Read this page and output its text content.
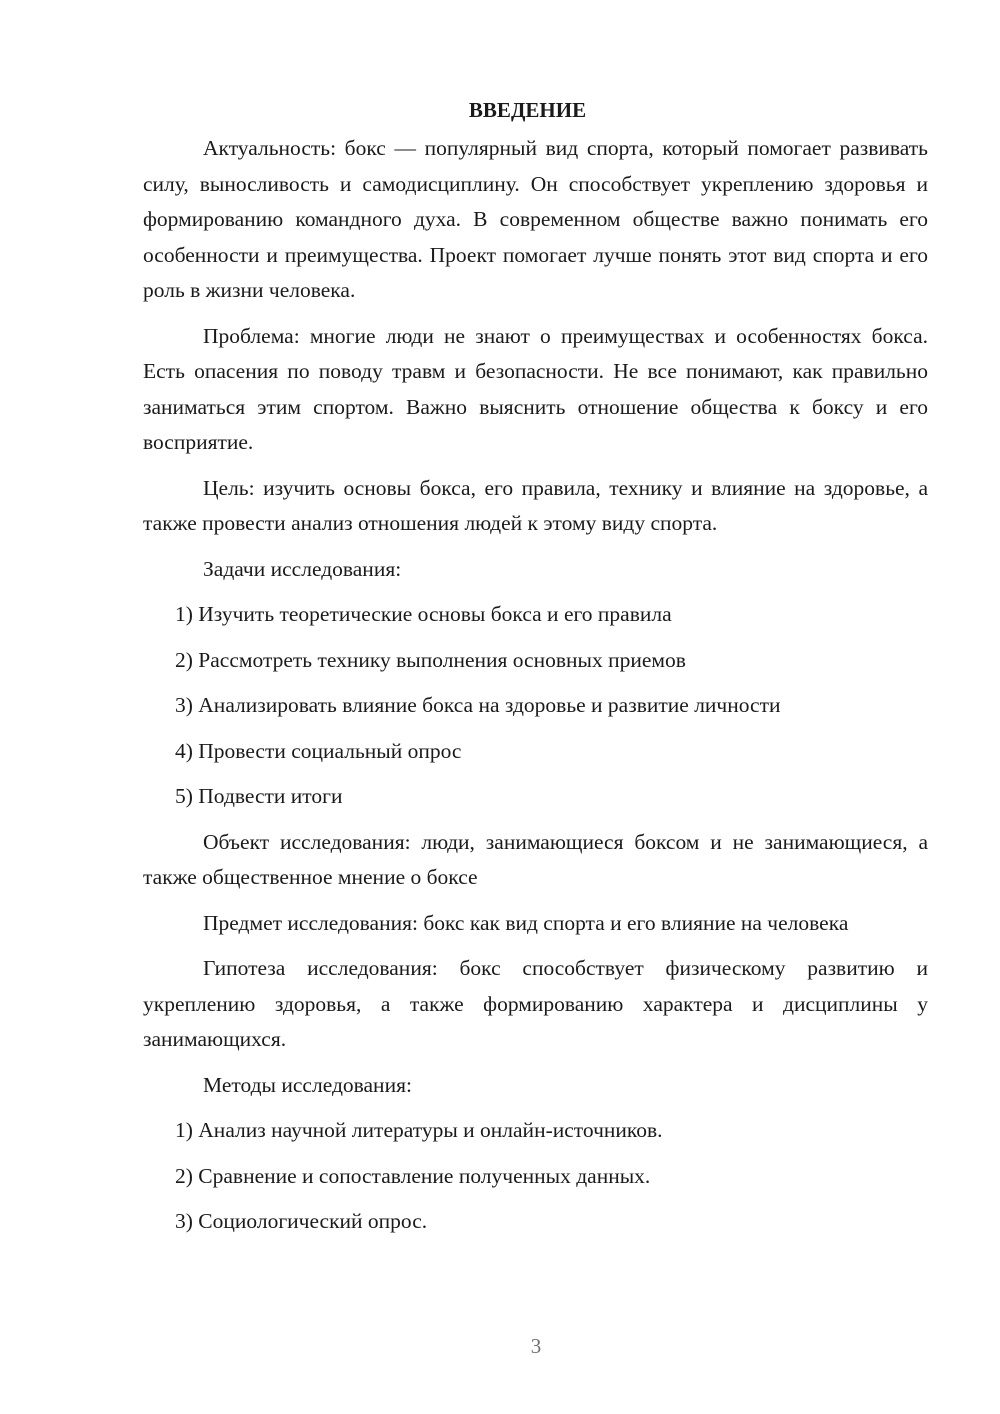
ВВЕДЕНИЕ

Актуальность: бокс — популярный вид спорта, который помогает развивать силу, выносливость и самодисциплину. Он способствует укреплению здоровья и формированию командного духа. В современном обществе важно понимать его особенности и преимущества. Проект помогает лучше понять этот вид спорта и его роль в жизни человека.

Проблема: многие люди не знают о преимуществах и особенностях бокса. Есть опасения по поводу травм и безопасности. Не все понимают, как правильно заниматься этим спортом. Важно выяснить отношение общества к боксу и его восприятие.

Цель: изучить основы бокса, его правила, технику и влияние на здоровье, а также провести анализ отношения людей к этому виду спорта.

Задачи исследования:

1) Изучить теоретические основы бокса и его правила

2) Рассмотреть технику выполнения основных приемов

3) Анализировать влияние бокса на здоровье и развитие личности

4) Провести социальный опрос

5) Подвести итоги

Объект исследования: люди, занимающиеся боксом и не занимающиеся, а также общественное мнение о боксе

Предмет исследования: бокс как вид спорта и его влияние на человека

Гипотеза исследования: бокс способствует физическому развитию и укреплению здоровья, а также формированию характера и дисциплины у занимающихся.

Методы исследования:

1) Анализ научной литературы и онлайн-источников.

2) Сравнение и сопоставление полученных данных.

3) Социологический опрос.

3
